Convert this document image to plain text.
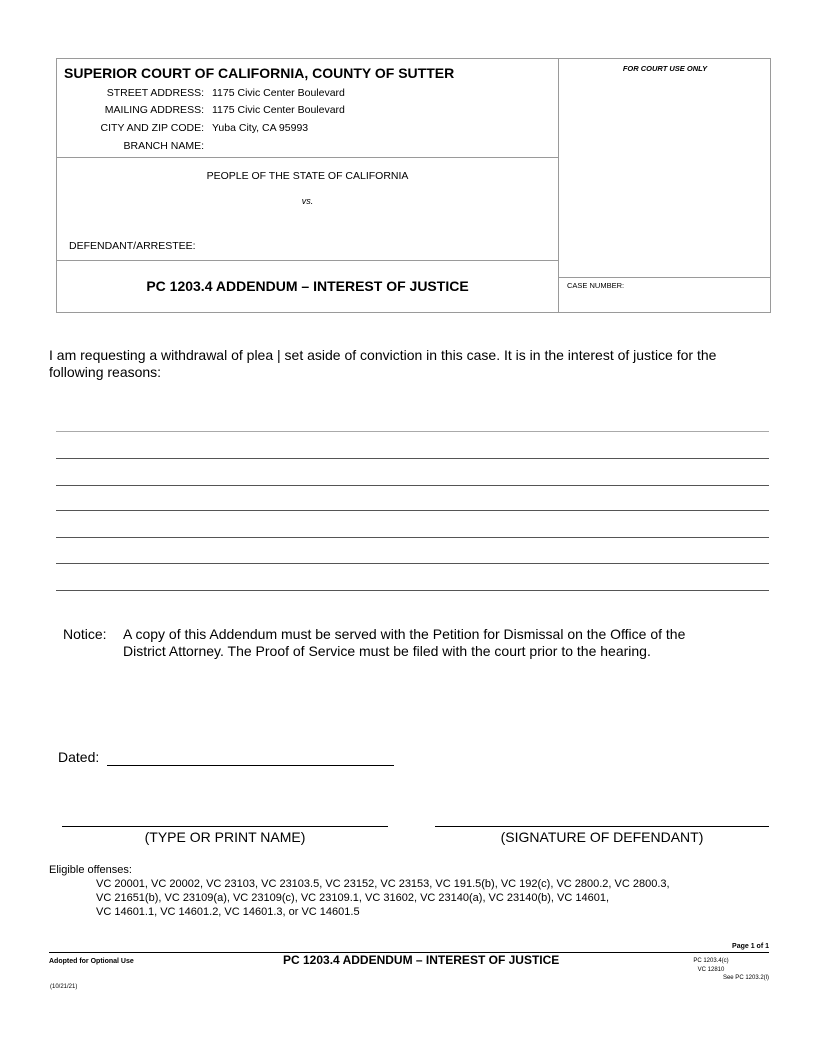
SUPERIOR COURT OF CALIFORNIA, COUNTY OF SUTTER
STREET ADDRESS: 1175 Civic Center Boulevard
MAILING ADDRESS: 1175 Civic Center Boulevard
CITY AND ZIP CODE: Yuba City, CA 95993
BRANCH NAME:
FOR COURT USE ONLY
PEOPLE OF THE STATE OF CALIFORNIA
vs.
DEFENDANT/ARRESTEE:
PC 1203.4 ADDENDUM – INTEREST OF JUSTICE	CASE NUMBER:
I am requesting a withdrawal of plea | set aside of conviction in this case. It is in the interest of justice for the following reasons:
Notice: A copy of this Addendum must be served with the Petition for Dismissal on the Office of the
District Attorney. The Proof of Service must be filed with the court prior to the hearing.
Dated:
(TYPE OR PRINT NAME)	(SIGNATURE OF DEFENDANT)
Eligible offenses:
VC 20001, VC 20002, VC 23103, VC 23103.5, VC 23152, VC 23153, VC 191.5(b), VC 192(c), VC 2800.2, VC 2800.3,
VC 21651(b), VC 23109(a), VC 23109(c), VC 23109.1, VC 31602, VC 23140(a), VC 23140(b), VC 14601,
VC 14601.1, VC 14601.2, VC 14601.3, or VC 14601.5
Page 1 of 1
Adopted for Optional Use	PC 1203.4 ADDENDUM – INTEREST OF JUSTICE	PC 1203.4(c)
VC 12810
See PC 1203.2(l)
(10/21/21)
